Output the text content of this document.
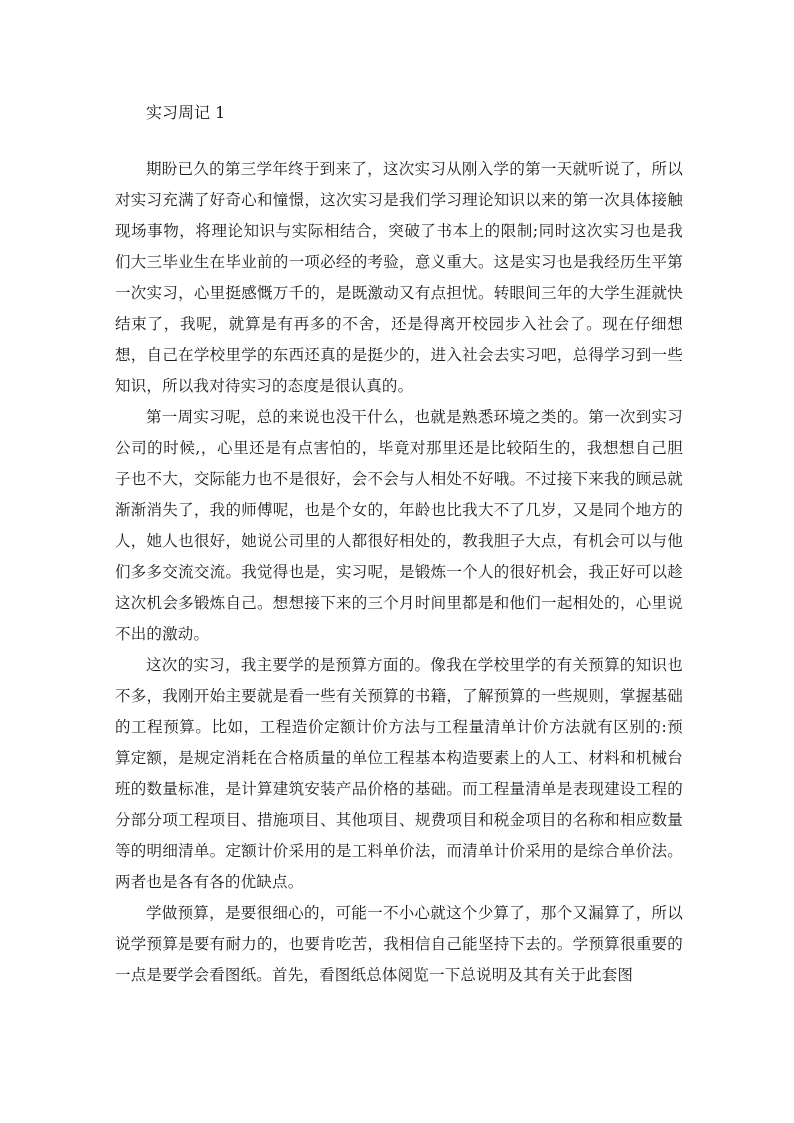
实习周记 1

期盼已久的第三学年终于到来了，这次实习从刚入学的第一天就听说了，所以对实习充满了好奇心和憧憬，这次实习是我们学习理论知识以来的第一次具体接触现场事物，将理论知识与实际相结合，突破了书本上的限制;同时这次实习也是我们大三毕业生在毕业前的一项必经的考验，意义重大。这是实习也是我经历生平第一次实习，心里挺感慨万千的，是既激动又有点担忧。转眼间三年的大学生涯就快结束了，我呢，就算是有再多的不舍，还是得离开校园步入社会了。现在仔细想想，自己在学校里学的东西还真的是挺少的，进入社会去实习吧，总得学习到一些知识，所以我对待实习的态度是很认真的。

第一周实习呢，总的来说也没干什么，也就是熟悉环境之类的。第一次到实习公司的时候,，心里还是有点害怕的，毕竟对那里还是比较陌生的，我想想自己胆子也不大，交际能力也不是很好，会不会与人相处不好哦。不过接下来我的顾忌就渐渐消失了，我的师傅呢，也是个女的，年龄也比我大不了几岁，又是同个地方的人，她人也很好，她说公司里的人都很好相处的，教我胆子大点，有机会可以与他们多多交流交流。我觉得也是，实习呢，是锻炼一个人的很好机会，我正好可以趁这次机会多锻炼自己。想想接下来的三个月时间里都是和他们一起相处的，心里说不出的激动。

这次的实习，我主要学的是预算方面的。像我在学校里学的有关预算的知识也不多，我刚开始主要就是看一些有关预算的书籍，了解预算的一些规则，掌握基础的工程预算。比如，工程造价定额计价方法与工程量清单计价方法就有区别的:预算定额，是规定消耗在合格质量的单位工程基本构造要素上的人工、材料和机械台班的数量标准，是计算建筑安装产品价格的基础。而工程量清单是表现建设工程的分部分项工程项目、措施项目、其他项目、规费项目和税金项目的名称和相应数量等的明细清单。定额计价采用的是工料单价法，而清单计价采用的是综合单价法。两者也是各有各的优缺点。

学做预算，是要很细心的，可能一不小心就这个少算了，那个又漏算了，所以说学预算是要有耐力的，也要肯吃苦，我相信自己能坚持下去的。学预算很重要的一点是要学会看图纸。首先，看图纸总体阅览一下总说明及其有关于此套图
